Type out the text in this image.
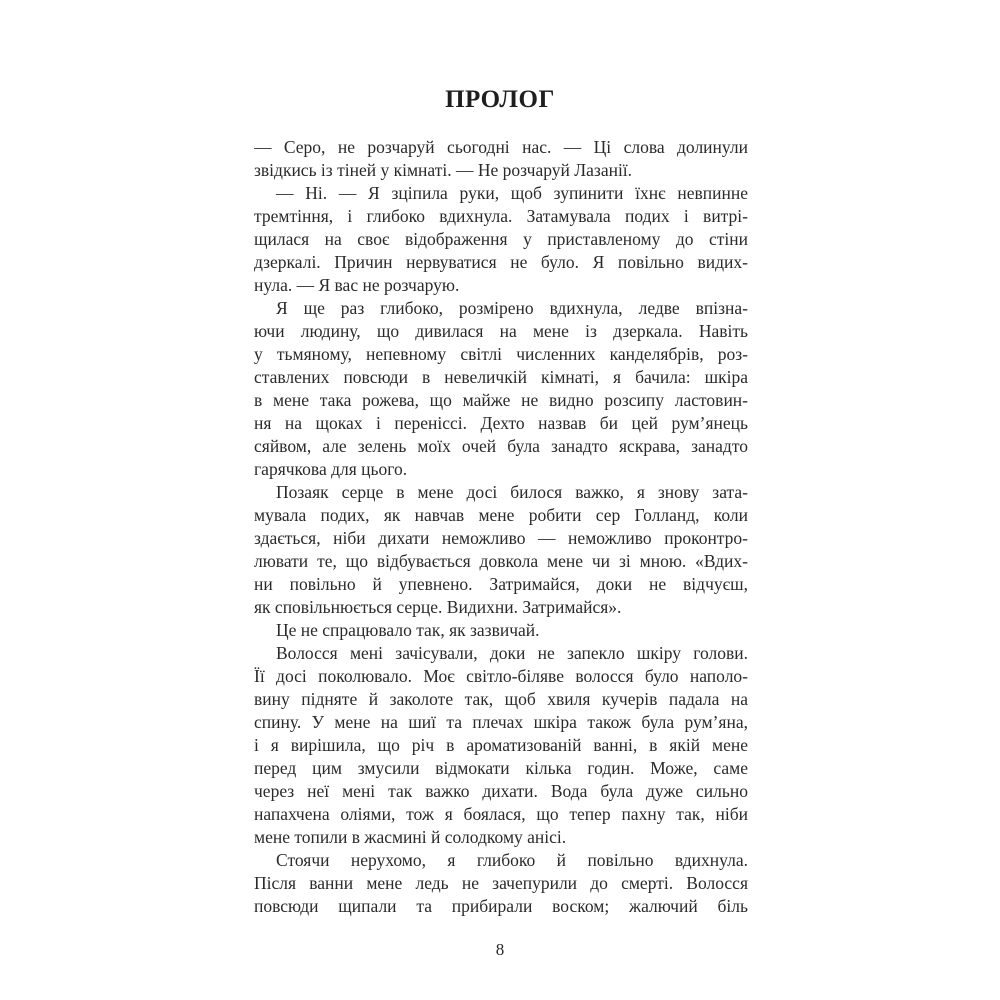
ПРОЛОГ
— Серо, не розчаруй сьогодні нас. — Ці слова долинули
звідкись із тіней у кімнаті. — Не розчаруй Лазанії.
— Ні. — Я зціпила руки, щоб зупинити їхнє невпинне
тремтіння, і глибоко вдихнула. Затамувала подих і витрі-
щилася на своє відображення у приставленому до стіни
дзеркалі. Причин нервуватися не було. Я повільно видих-
нула. — Я вас не розчарую.
Я ще раз глибоко, розмірено вдихнула, ледве впізна-
ючи людину, що дивилася на мене із дзеркала. Навіть
у тьмяному, непевному світлі численних канделябрів, роз-
ставлених повсюди в невеличкій кімнаті, я бачила: шкіра
в мене така рожева, що майже не видно розсипу ластовин-
ня на щоках і переніссі. Дехто назвав би цей рум’янець
сяйвом, але зелень моїх очей була занадто яскрава, занадто
гарячкова для цього.
Позаяк серце в мене досі билося важко, я знову зата-
мувала подих, як навчав мене робити сер Голланд, коли
здається, ніби дихати неможливо — неможливо проконтро-
лювати те, що відбувається довкола мене чи зі мною. «Вдих-
ни повільно й упевнено. Затримайся, доки не відчуєш,
як сповільнюється серце. Видихни. Затримайся».
Це не спрацювало так, як зазвичай.
Волосся мені зачісували, доки не запекло шкіру голови.
Її досі поколювало. Моє світло-біляве волосся було наполо-
вину підняте й заколоте так, щоб хвиля кучерів падала на
спину. У мене на шиї та плечах шкіра також була рум’яна,
і я вирішила, що річ в ароматизованій ванні, в якій мене
перед цим змусили відмокати кілька годин. Може, саме
через неї мені так важко дихати. Вода була дуже сильно
напахчена оліями, тож я боялася, що тепер пахну так, ніби
мене топили в жасмині й солодкому анісі.
Стоячи нерухомо, я глибоко й повільно вдихнула.
Після ванни мене ледь не зачепурили до смерті. Волосся
повсюди щипали та прибирали воском; жалючий біль
8
